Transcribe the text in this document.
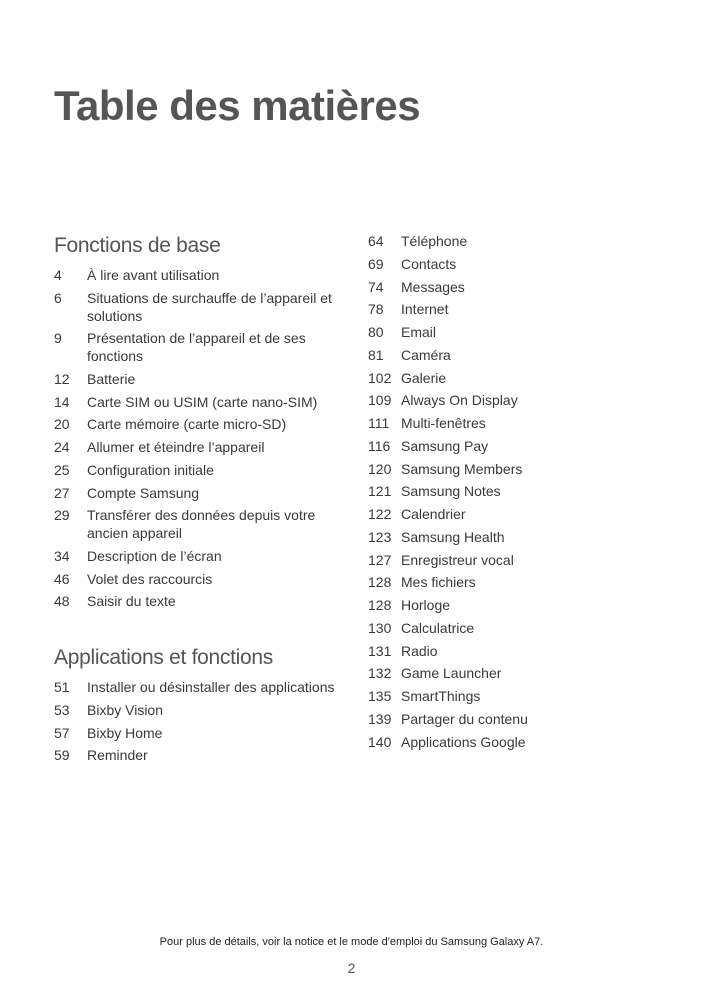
Table des matières
Fonctions de base
4	À lire avant utilisation
6	Situations de surchauffe de l’appareil et solutions
9	Présentation de l’appareil et de ses fonctions
12	Batterie
14	Carte SIM ou USIM (carte nano-SIM)
20	Carte mémoire (carte micro-SD)
24	Allumer et éteindre l’appareil
25	Configuration initiale
27	Compte Samsung
29	Transférer des données depuis votre ancien appareil
34	Description de l’écran
46	Volet des raccourcis
48	Saisir du texte
Applications et fonctions
51	Installer ou désinstaller des applications
53	Bixby Vision
57	Bixby Home
59	Reminder
64	Téléphone
69	Contacts
74	Messages
78	Internet
80	Email
81	Caméra
102 Galerie
109 Always On Display
111 Multi-fenêtres
116 Samsung Pay
120 Samsung Members
121 Samsung Notes
122 Calendrier
123 Samsung Health
127 Enregistreur vocal
128 Mes fichiers
128 Horloge
130 Calculatrice
131 Radio
132 Game Launcher
135 SmartThings
139 Partager du contenu
140 Applications Google
Pour plus de détails, voir la notice et le mode d'emploi du Samsung Galaxy A7.
2
